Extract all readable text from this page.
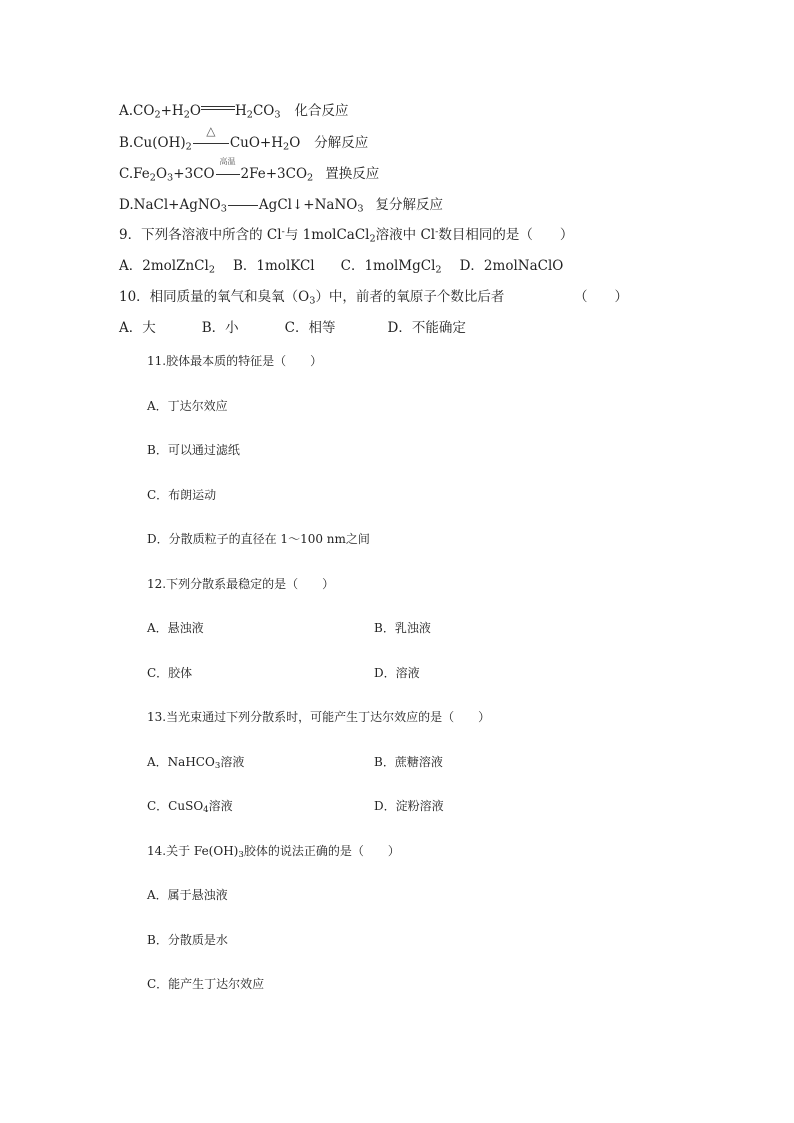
$A.CO_2+H_2O$	$H_2CO_3$ 化合反应
$B.Cu(OH)_2$
△
$CuO+H_2O$ 分解反应
$C.Fe_2O_3+3CO$
高温
$2Fe+3CO_2$ 置换反应
D.NaCl+AgNO$_3$ AgCl↓+NaNO$_3$ 复分解反应
9．下列各溶液中所含的 Cl-与 1molCaCl$_2$溶液中 Cl-数目相同的是（　　）
A．2molZnCl$_2$ B．1molKCl C．1molMgCl$_2$ D．2molNaClO
10．相同质量的氧气和臭氧$(O_3)$中，前者的氧原子个数比后者	（　　）
A．大	B．小	C．相等	D．不能确定
11.胶体最本质的特征是（　　）
A．丁达尔效应
B．可以通过滤纸
C．布朗运动
D．分散质粒子的直径在 1～100 nm之间
12.下列分散系最稳定的是（　　）
A．悬浊液	B．乳浊液
C．胶体	D．溶液
13.当光束通过下列分散系时，可能产生丁达尔效应的是（　　）
A．NaHCO$_3$溶液	B．蔗糖溶液
C．CuSO$_4$溶液	D．淀粉溶液
14.关于 $Fe(OH)_3$胶体的说法正确的是（　　）
A．属于悬浊液
B．分散质是水
C．能产生丁达尔效应
